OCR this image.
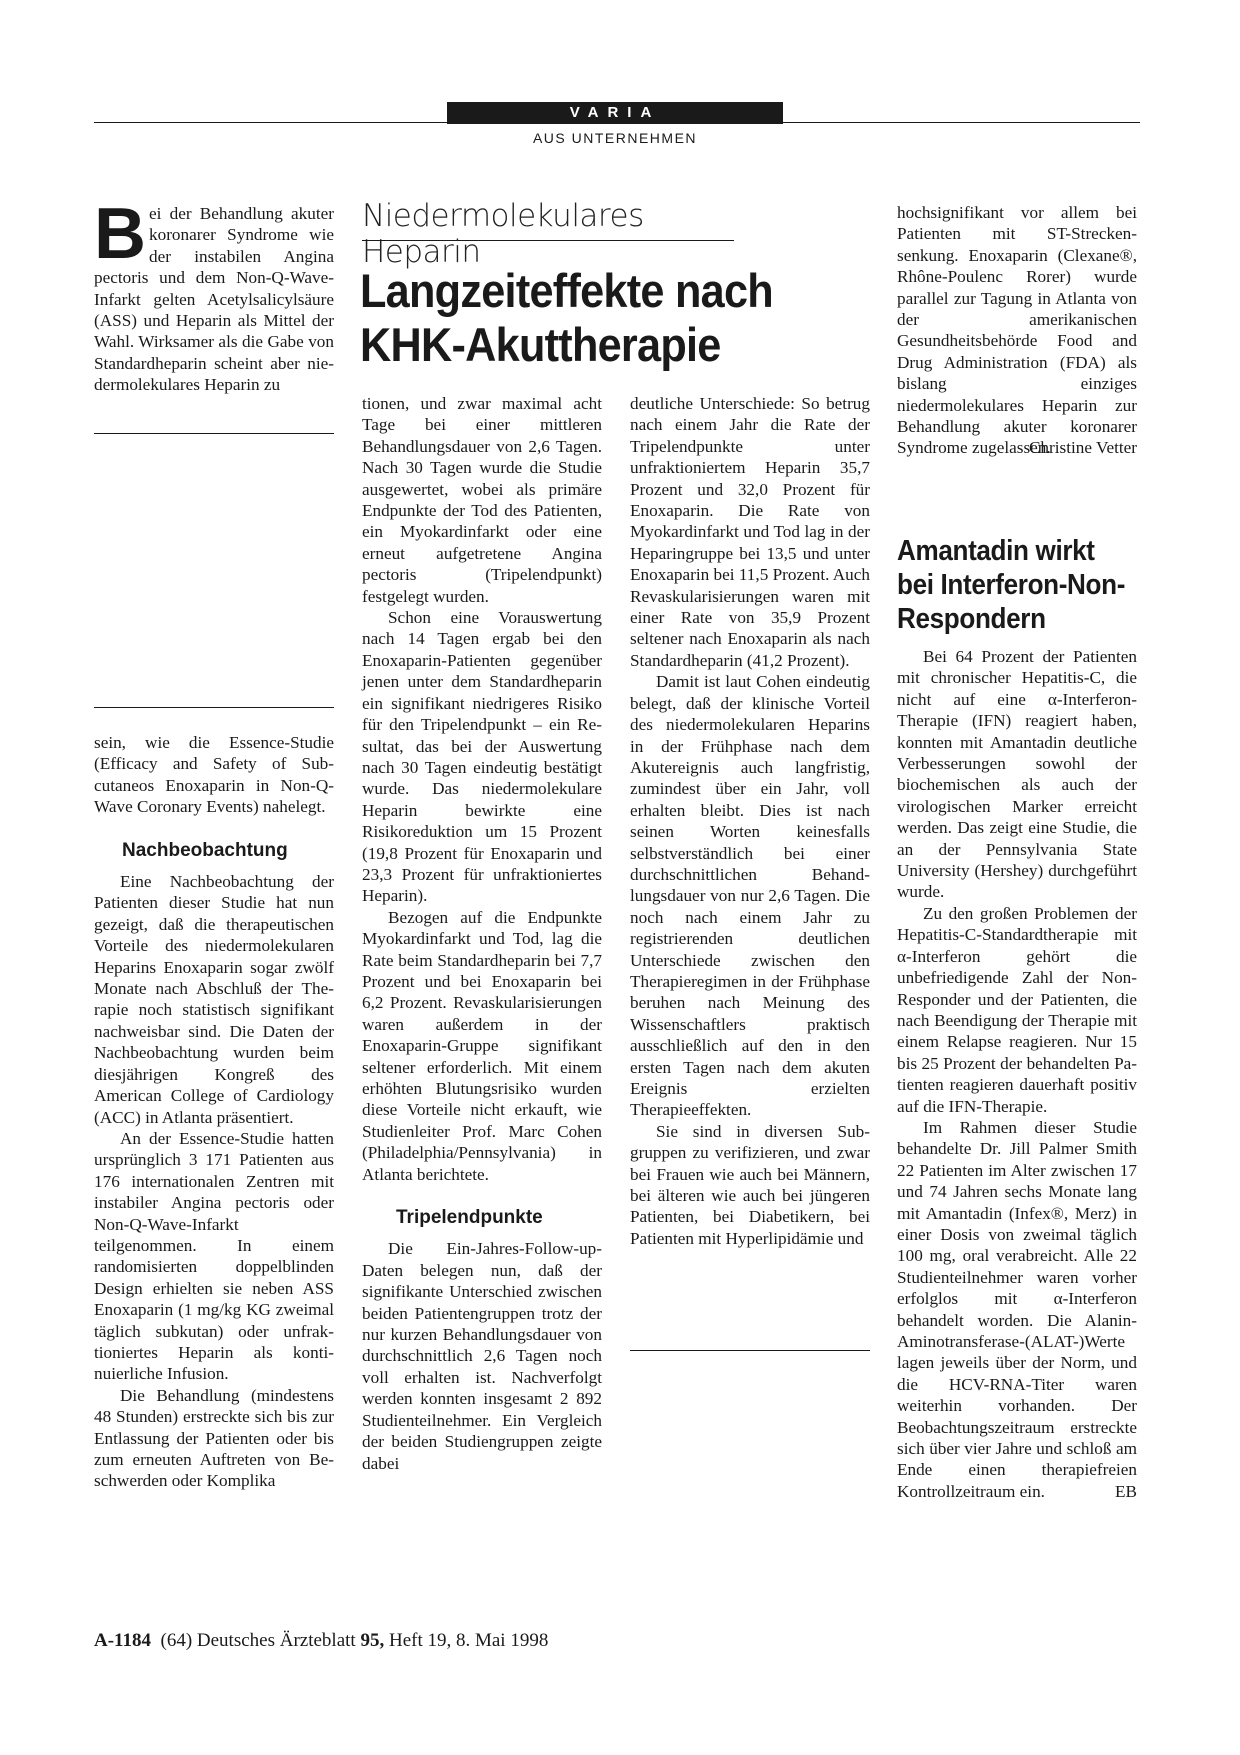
VARIA
AUS UNTERNEHMEN
Bei der Behandlung akuter koronarer Syndrome wie der instabilen Angina pectoris und dem Non-Q-Wave-Infarkt gelten Acetylsalicylsäure (ASS) und Heparin als Mittel der Wahl. Wirksamer als die Gabe von Standardheparin scheint aber niedermolekulares Heparin zu
Niedermolekulares Heparin
Langzeiteffekte nach KHK-Akuttherapie

sein, wie die Essence-Studie (Efficacy and Safety of Subcutaneos Enoxaparin in Non-Q-Wave Coronary Events) nahelegt.

Nachbeobachtung

Eine Nachbeobachtung der Patienten dieser Studie hat nun gezeigt, daß die therapeutischen Vorteile des niedermolekularen Heparins Enoxaparin sogar zwölf Monate nach Abschluß der Therapie noch statistisch signifikant nachweisbar sind. Die Daten der Nachbeobachtung wurden beim diesjährigen Kongreß des American College of Cardiology (ACC) in Atlanta präsentiert.

An der Essence-Studie hatten ursprünglich 3 171 Patienten aus 176 internationalen Zentren mit instabiler Angina pectoris oder Non-Q-Wave-Infarkt teilgenommen. In einem randomisierten doppelblinden Design erhielten sie neben ASS Enoxaparin (1 mg/kg KG zweimal täglich subkutan) oder unfraktioniertes Heparin als kontinuierliche Infusion.

Die Behandlung (mindestens 48 Stunden) erstreckte sich bis zur Entlassung der Patienten oder bis zum erneuten Auftreten von Beschwerden oder Komplika

tionen, und zwar maximal acht Tage bei einer mittleren Behandlungsdauer von 2,6 Tagen. Nach 30 Tagen wurde die Studie ausgewertet, wobei als primäre Endpunkte der Tod des Patienten, ein Myokardinfarkt oder eine erneut aufgetretene Angina pectoris (Tripelendpunkt) festgelegt wurden.

Schon eine Vorauswertung nach 14 Tagen ergab bei den Enoxaparin-Patienten gegenüber jenen unter dem Standardheparin ein signifikant niedrigeres Risiko für den Tripelendpunkt – ein Resultat, das bei der Auswertung nach 30 Tagen eindeutig bestätigt wurde. Das niedermolekulare Heparin bewirkte eine Risikoreduktion um 15 Prozent (19,8 Prozent für Enoxaparin und 23,3 Prozent für unfraktioniertes Heparin).

Bezogen auf die Endpunkte Myokardinfarkt und Tod, lag die Rate beim Standardheparin bei 7,7 Prozent und bei Enoxaparin bei 6,2 Prozent. Revaskularisierungen waren außerdem in der Enoxaparin-Gruppe signifikant seltener erforderlich. Mit einem erhöhten Blutungsrisiko wurden diese Vorteile nicht erkauft, wie Studienleiter Prof. Marc Cohen (Philadelphia/Pennsylvania) in Atlanta berichtete.

Tripelendpunkte

Die Ein-Jahres-Follow-up-Daten belegen nun, daß der signifikante Unterschied zwischen beiden Patientengruppen trotz der nur kurzen Behandlungsdauer von durchschnittlich 2,6 Tagen noch voll erhalten ist. Nachverfolgt werden konnten insgesamt 2 892 Studienteilnehmer. Ein Vergleich der beiden Studiengruppen zeigte dabei

deutliche Unterschiede: So betrug nach einem Jahr die Rate der Tripelendpunkte unter unfraktioniertem Heparin 35,7 Prozent und 32,0 Prozent für Enoxaparin. Die Rate von Myokardinfarkt und Tod lag in der Heparingruppe bei 13,5 und unter Enoxaparin bei 11,5 Prozent. Auch Revaskularisierungen waren mit einer Rate von 35,9 Prozent seltener nach Enoxaparin als nach Standardheparin (41,2 Prozent).

Damit ist laut Cohen eindeutig belegt, daß der klinische Vorteil des niedermolekularen Heparins in der Frühphase nach dem Akutereignis auch langfristig, zumindest über ein Jahr, voll erhalten bleibt. Dies ist nach seinen Worten keinesfalls selbstverständlich bei einer durchschnittlichen Behandlungsdauer von nur 2,6 Tagen. Die noch nach einem Jahr zu registrierenden deutlichen Unterschiede zwischen den Therapieregimen in der Frühphase beruhen nach Meinung des Wissenschaftlers praktisch ausschließlich auf den in den ersten Tagen nach dem akuten Ereignis erzielten Therapieeffekten.

Sie sind in diversen Subgruppen zu verifizieren, und zwar bei Frauen wie auch bei Männern, bei älteren wie auch bei jüngeren Patienten, bei Diabetikern, bei Patienten mit Hyperlipidämie und

hochsignifikant vor allem bei Patienten mit ST-Streckensenkung. Enoxaparin (Clexane®, Rhône-Poulenc Rorer) wurde parallel zur Tagung in Atlanta von der amerikanischen Gesundheitsbehörde Food and Drug Administration (FDA) als bislang einziges niedermolekulares Heparin zur Behandlung akuter koronarer Syndrome zugelassen.

Christine Vetter
Amantadin wirkt bei Interferon-Non-Respondern

Bei 64 Prozent der Patienten mit chronischer Hepatitis-C, die nicht auf eine α-Interferon-Therapie (IFN) reagiert haben, konnten mit Amantadin deutliche Verbesserungen sowohl der biochemischen als auch der virologischen Marker erreicht werden. Das zeigt eine Studie, die an der Pennsylvania State University (Hershey) durchgeführt wurde.

Zu den großen Problemen der Hepatitis-C-Standardtherapie mit α-Interferon gehört die unbefriedigende Zahl der Non-Responder und der Patienten, die nach Beendigung der Therapie mit einem Relapse reagieren. Nur 15 bis 25 Prozent der behandelten Patienten reagieren dauerhaft positiv auf die IFN-Therapie.

Im Rahmen dieser Studie behandelte Dr. Jill Palmer Smith 22 Patienten im Alter zwischen 17 und 74 Jahren sechs Monate lang mit Amantadin (Infex®, Merz) in einer Dosis von zweimal täglich 100 mg, oral verabreicht. Alle 22 Studienteilnehmer waren vorher erfolglos mit α-Interferon behandelt worden. Die Alanin-Aminotransferase-(ALAT-)Werte lagen jeweils über der Norm, und die HCV-RNA-Titer waren weiterhin vorhanden. Der Beobachtungszeitraum erstreckte sich über vier Jahre und schloß am Ende einen therapiefreien Kontrollzeitraum ein.	EB
A-1184 (64) Deutsches Ärzteblatt 95, Heft 19, 8. Mai 1998
